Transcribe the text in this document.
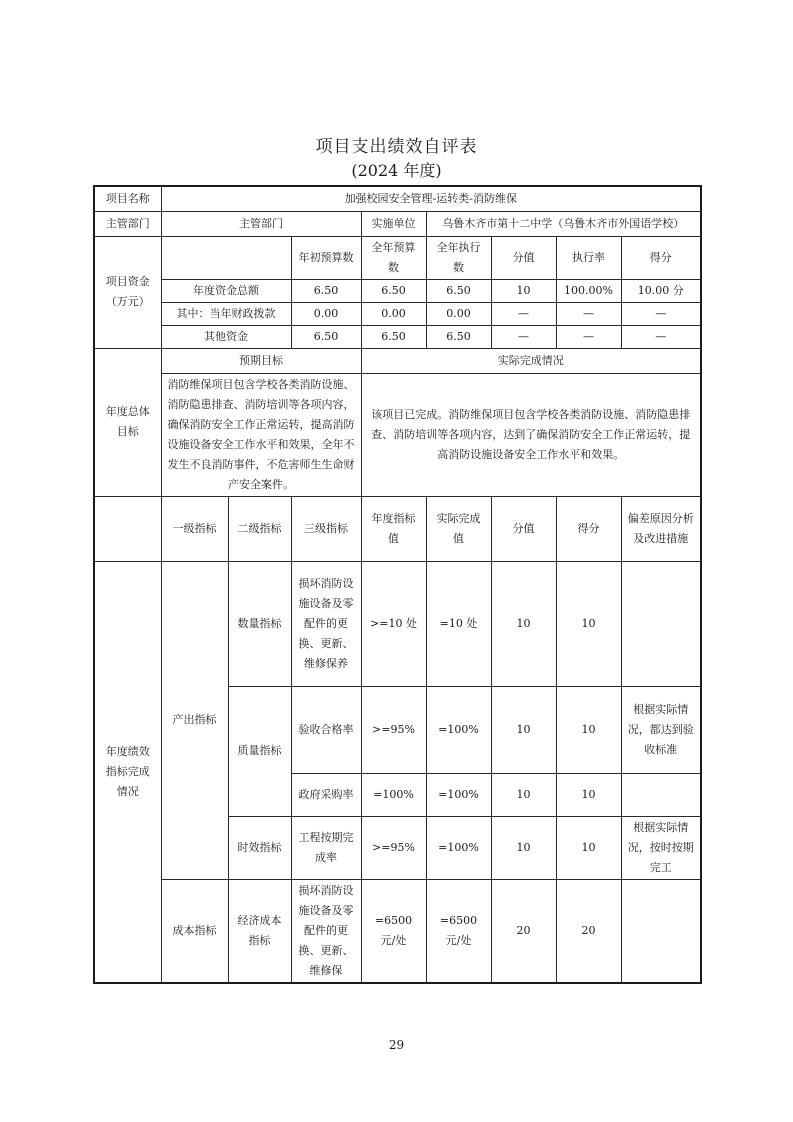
项目支出绩效自评表
(2024 年度)
项目名称	加强校园安全管理-运转类-消防维保							
主管部门	主管部门			实施单位	乌鲁木齐市第十二中学（乌鲁木齐市外国语学校）			
项目资金（万元）			年初预算数	全年预算数	全年执行数	分值	执行率	得分
	年度资金总额		6.50	6.50	6.50	10	100.00%	10.00 分
	其中：当年财政拨款		0.00	0.00	0.00	—	—	—
	其他资金		6.50	6.50	6.50	—	—	—
年度总体目标	预期目标			实际完成情况				
	消防维保项目包含学校各类消防设施、消防隐患排查、消防培训等各项内容，确保消防安全工作正常运转，提高消防设施设备安全工作水平和效果，全年不发生不良消防事件，不危害师生生命财产安全案件。			该项目已完成。消防维保项目包含学校各类消防设施、消防隐患排查、消防培训等各项内容，达到了确保消防安全工作正常运转，提高消防设施设备安全工作水平和效果。				
	一级指标	二级指标	三级指标	年度指标值	实际完成值	分值	得分	偏差原因分析及改进措施
年度绩效指标完成情况	产出指标	数量指标	损坏消防设施设备及零配件的更换、更新、维修保养	>=10 处	=10 处	10	10	
		质量指标	验收合格率	>=95%	=100%	10	10	根据实际情况，都达到验收标准
			政府采购率	=100%	=100%	10	10	
		时效指标	工程按期完成率	>=95%	=100%	10	10	根据实际情况，按时按期完工
	成本指标	经济成本指标	损坏消防设施设备及零配件的更换、更新、维修保	=6500 元/处	=6500 元/处	20	20	
29
